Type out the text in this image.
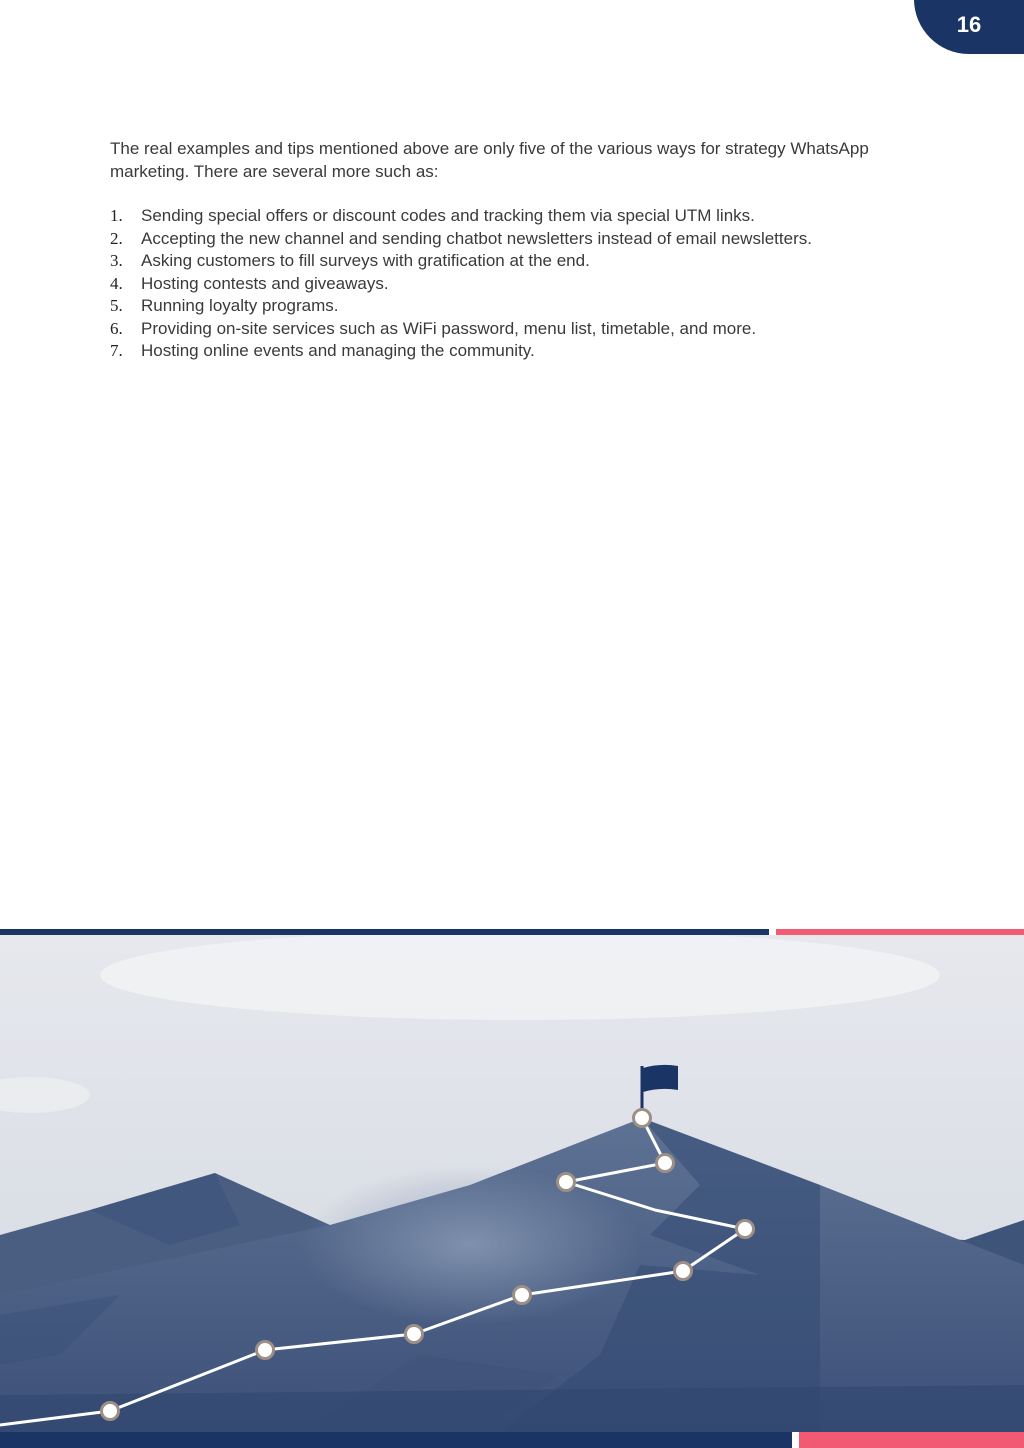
16

The real examples and tips mentioned above are only five of the various ways for strategy WhatsApp marketing. There are several more such as:

1.	Sending special offers or discount codes and tracking them via special UTM links.
2.	Accepting the new channel and sending chatbot newsletters instead of email newsletters.
3.	Asking customers to fill surveys with gratification at the end.
4.	Hosting contests and giveaways.
5.	Running loyalty programs.
6.	Providing on-site services such as WiFi password, menu list, timetable, and more.
7.	Hosting online events and managing the community.
